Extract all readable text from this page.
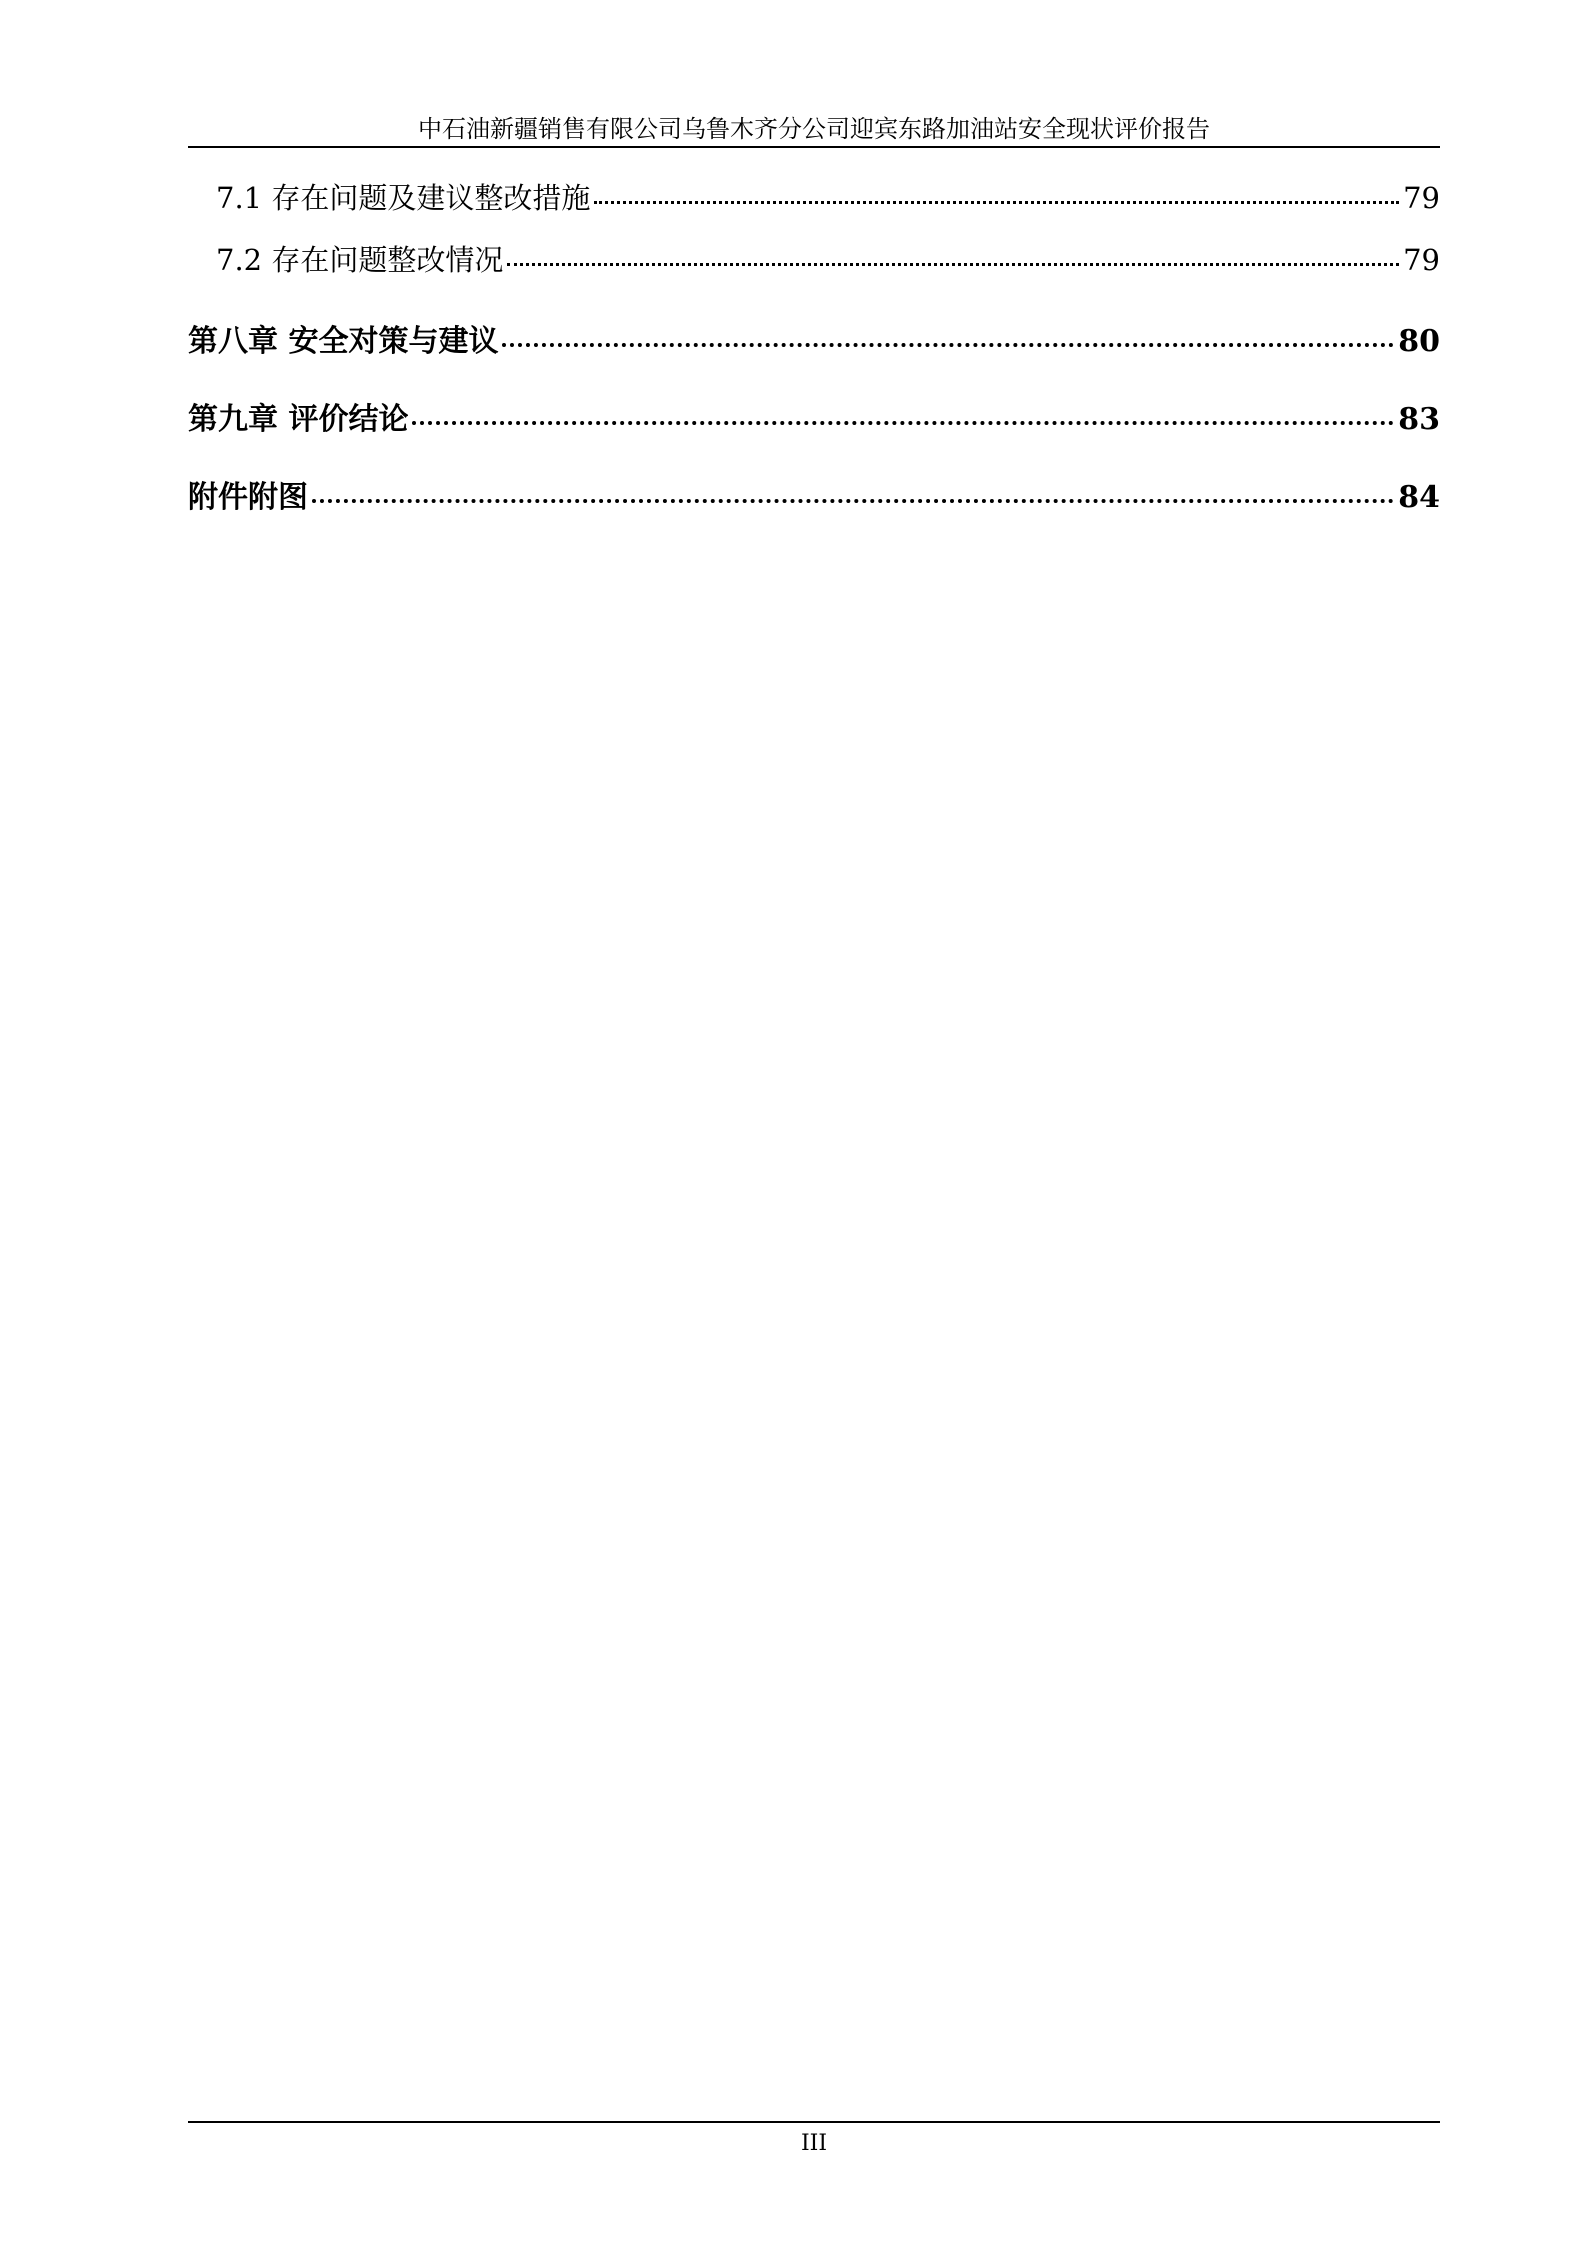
中石油新疆销售有限公司乌鲁木齐分公司迎宾东路加油站安全现状评价报告
7.1 存在问题及建议整改措施	79
7.2 存在问题整改情况	79
第八章 安全对策与建议	80
第九章 评价结论	83
附件附图	84
III
